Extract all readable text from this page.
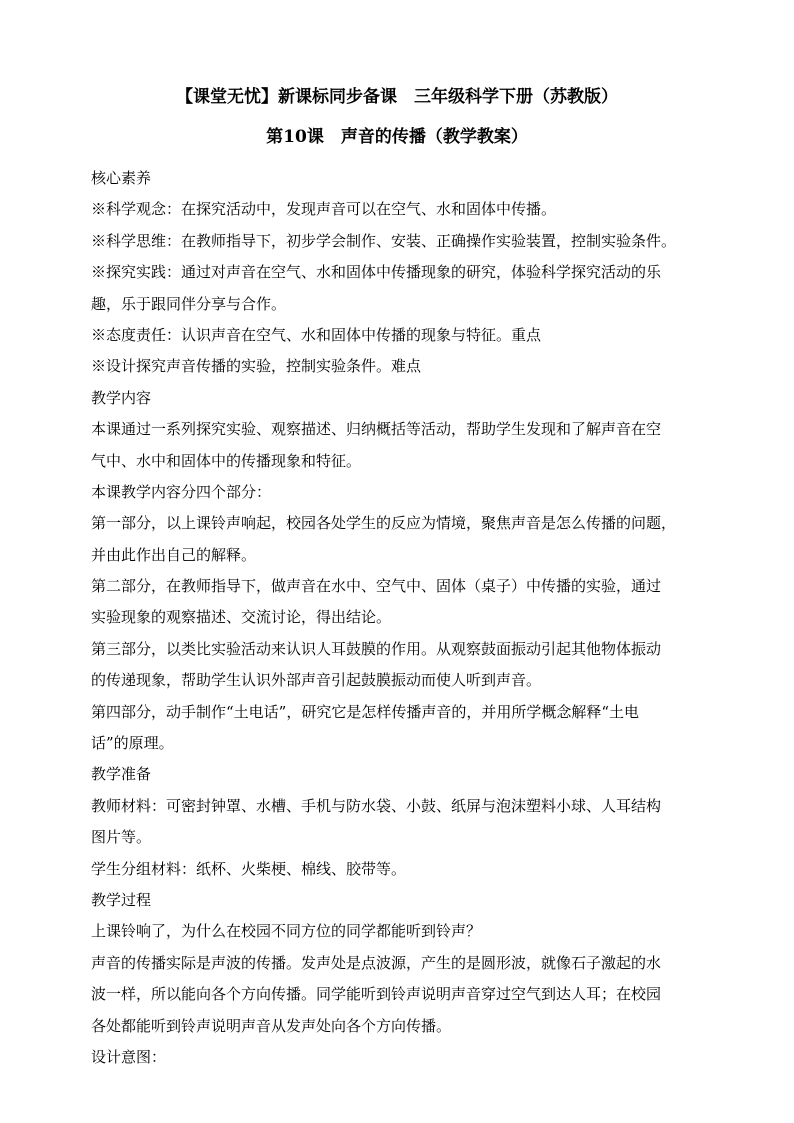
【课堂无忧】新课标同步备课　三年级科学下册（苏教版）
第10课　声音的传播（教学教案）
核心素养
※科学观念：在探究活动中，发现声音可以在空气、水和固体中传播。
※科学思维：在教师指导下，初步学会制作、安装、正确操作实验装置，控制实验条件。
※探究实践：通过对声音在空气、水和固体中传播现象的研究，体验科学探究活动的乐
趣，乐于跟同伴分享与合作。
※态度责任：认识声音在空气、水和固体中传播的现象与特征。重点
※设计探究声音传播的实验，控制实验条件。难点
教学内容
本课通过一系列探究实验、观察描述、归纳概括等活动，帮助学生发现和了解声音在空
气中、水中和固体中的传播现象和特征。
本课教学内容分四个部分：
第一部分，以上课铃声响起，校园各处学生的反应为情境，聚焦声音是怎么传播的问题，
并由此作出自己的解释。
第二部分，在教师指导下，做声音在水中、空气中、固体（桌子）中传播的实验，通过
实验现象的观察描述、交流讨论，得出结论。
第三部分，以类比实验活动来认识人耳鼓膜的作用。从观察鼓面振动引起其他物体振动
的传递现象，帮助学生认识外部声音引起鼓膜振动而使人听到声音。
第四部分，动手制作“土电话”，研究它是怎样传播声音的，并用所学概念解释“土电
话”的原理。
教学准备
教师材料：可密封钟罩、水槽、手机与防水袋、小鼓、纸屏与泡沫塑料小球、人耳结构
图片等。
学生分组材料：纸杯、火柴梗、棉线、胶带等。
教学过程
上课铃响了，为什么在校园不同方位的同学都能听到铃声？
声音的传播实际是声波的传播。发声处是点波源，产生的是圆形波，就像石子激起的水
波一样，所以能向各个方向传播。同学能听到铃声说明声音穿过空气到达人耳；在校园
各处都能听到铃声说明声音从发声处向各个方向传播。
设计意图：
